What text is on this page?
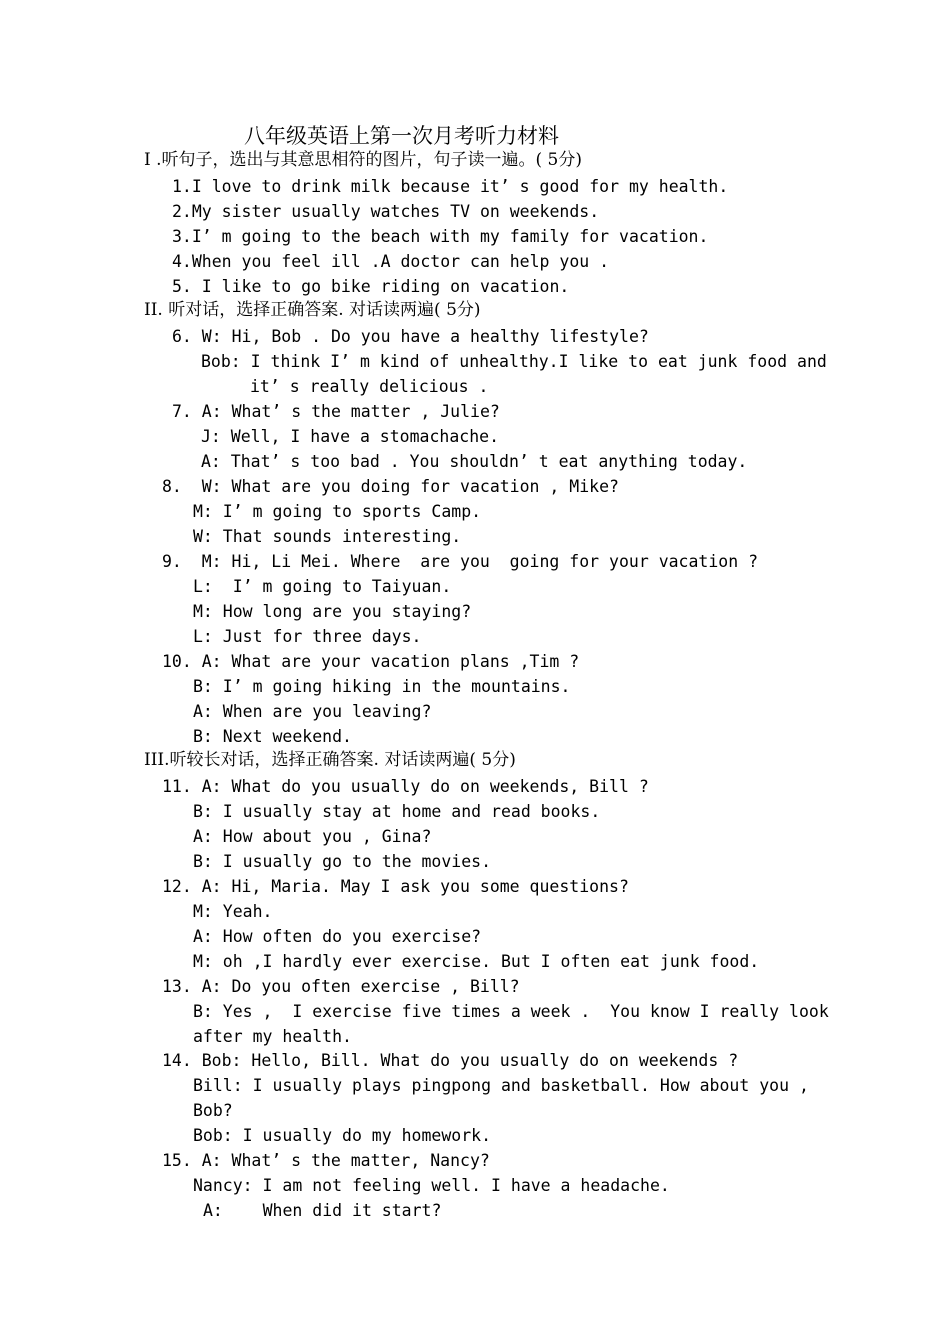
八年级英语上第一次月考听力材料
I .听句子，选出与其意思相符的图片，句子读一遍。( 5分)
1.I love to drink milk because it’ s good for my health.
2.My sister usually watches TV on weekends.
3.I’ m going to the beach with my family for vacation.
4.When you feel ill .A doctor can help you .
5. I like to go bike riding on vacation.
II. 听对话，选择正确答案. 对话读两遍( 5分)
6. W: Hi, Bob . Do you have a healthy lifestyle?
Bob: I think I’ m kind of unhealthy.I like to eat junk food and
it’ s really delicious .
7. A: What’ s the matter , Julie?
J: Well, I have a stomachache.
A: That’ s too bad . You shouldn’ t eat anything today.
8.  W: What are you doing for vacation , Mike?
M: I’ m going to sports Camp.
W: That sounds interesting.
9.  M: Hi, Li Mei. Where  are you  going for your vacation ?
L:  I’ m going to Taiyuan.
M: How long are you staying?
L: Just for three days.
10. A: What are your vacation plans ,Tim ?
B: I’ m going hiking in the mountains.
A: When are you leaving?
B: Next weekend.
III.听较长对话，选择正确答案. 对话读两遍( 5分)
11. A: What do you usually do on weekends, Bill ?
B: I usually stay at home and read books.
A: How about you , Gina?
B: I usually go to the movies.
12. A: Hi, Maria. May I ask you some questions?
M: Yeah.
A: How often do you exercise?
M: oh ,I hardly ever exercise. But I often eat junk food.
13. A: Do you often exercise , Bill?
B: Yes ,  I exercise five times a week .  You know I really look
after my health.
14. Bob: Hello, Bill. What do you usually do on weekends ?
Bill: I usually plays pingpong and basketball. How about you ,
Bob?
Bob: I usually do my homework.
15. A: What’ s the matter, Nancy?
Nancy: I am not feeling well. I have a headache.
A:    When did it start?
